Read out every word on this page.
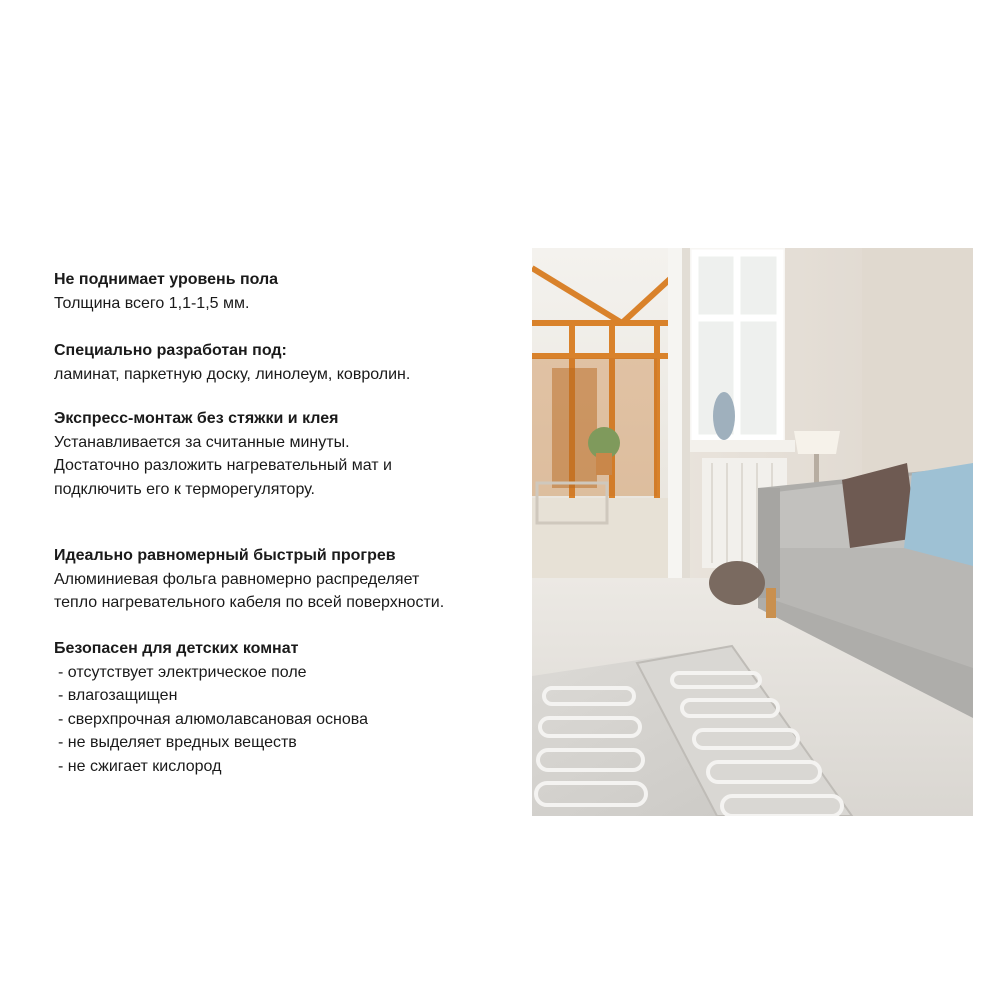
Не поднимает уровень пола

Толщина всего 1,1-1,5 мм.

Специально разработан под:

ламинат, паркетную доску, линолеум, ковролин.

Экспресс-монтаж без стяжки и клея

Устанавливается за считанные минуты.

Достаточно разложить нагревательный мат и

подключить его к терморегулятору.

Идеально равномерный быстрый прогрев

Алюминиевая фольга равномерно распределяет

тепло нагревательного кабеля по всей поверхности.

Безопасен для детских комнат
- отсутствует электрическое поле
- влагозащищен
- сверхпрочная алюмолавсановая основа
- не выделяет вредных веществ
- не сжигает кислород
